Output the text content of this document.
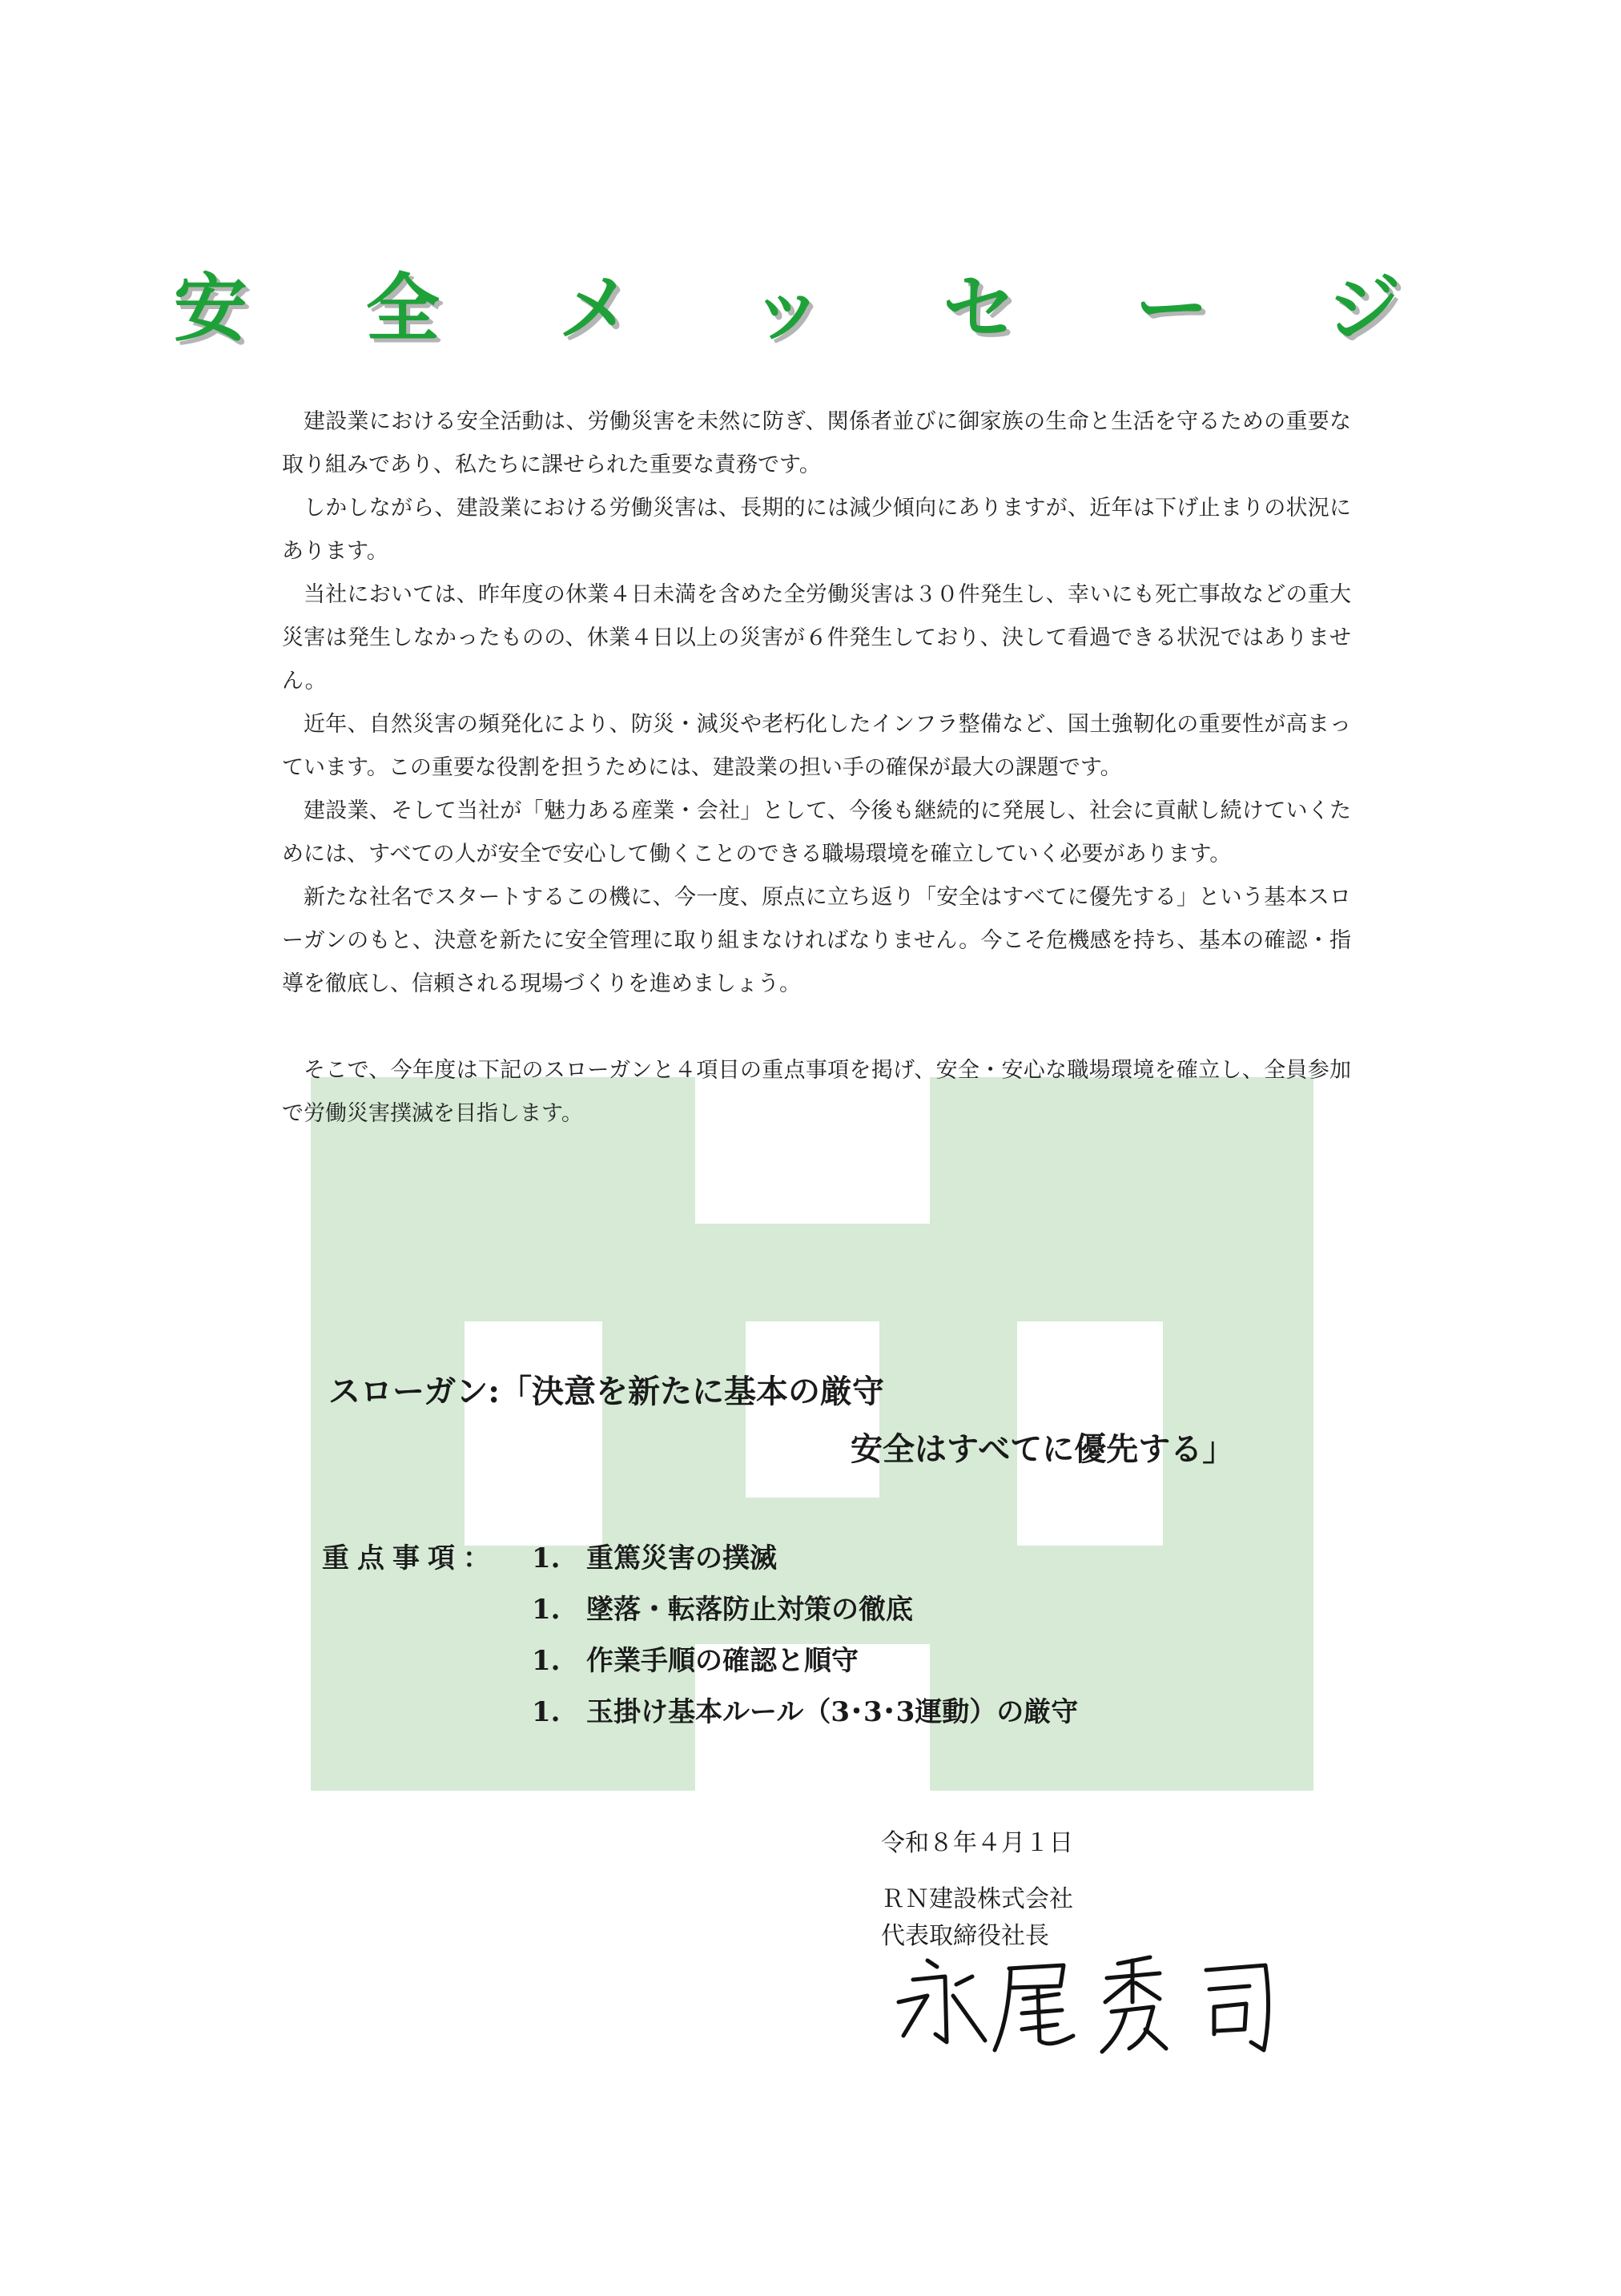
安 全 メ ッ セ ー ジ

建設業における安全活動は、労働災害を未然に防ぎ、関係者並びに御家族の生命と生活を守るための重要な取り組みであり、私たちに課せられた重要な責務です。

しかしながら、建設業における労働災害は、長期的には減少傾向にありますが、近年は下げ止まりの状況にあります。

当社においては、昨年度の休業４日未満を含めた全労働災害は３０件発生し、幸いにも死亡事故などの重大災害は発生しなかったものの、休業４日以上の災害が６件発生しており、決して看過できる状況ではありません。

近年、自然災害の頻発化により、防災・減災や老朽化したインフラ整備など、国土強靭化の重要性が高まっています。この重要な役割を担うためには、建設業の担い手の確保が最大の課題です。

建設業、そして当社が「魅力ある産業・会社」として、今後も継続的に発展し、社会に貢献し続けていくためには、すべての人が安全で安心して働くことのできる職場環境を確立していく必要があります。

新たな社名でスタートするこの機に、今一度、原点に立ち返り「安全はすべてに優先する」という基本スローガンのもと、決意を新たに安全管理に取り組まなければなりません。今こそ危機感を持ち、基本の確認・指導を徹底し、信頼される現場づくりを進めましょう。

そこで、今年度は下記のスローガンと４項目の重点事項を掲げ、安全・安心な職場環境を確立し、全員参加で労働災害撲滅を目指します。

スローガン:「決意を新たに基本の厳守
安全はすべてに優先する」
重点事項： 1. 重篤災害の撲滅
1. 墜落・転落防止対策の徹底
1. 作業手順の確認と順守
1. 玉掛け基本ルール（3･3･3運動）の厳守
令和８年４月１日
ＲＮ建設株式会社
代表取締役社長
